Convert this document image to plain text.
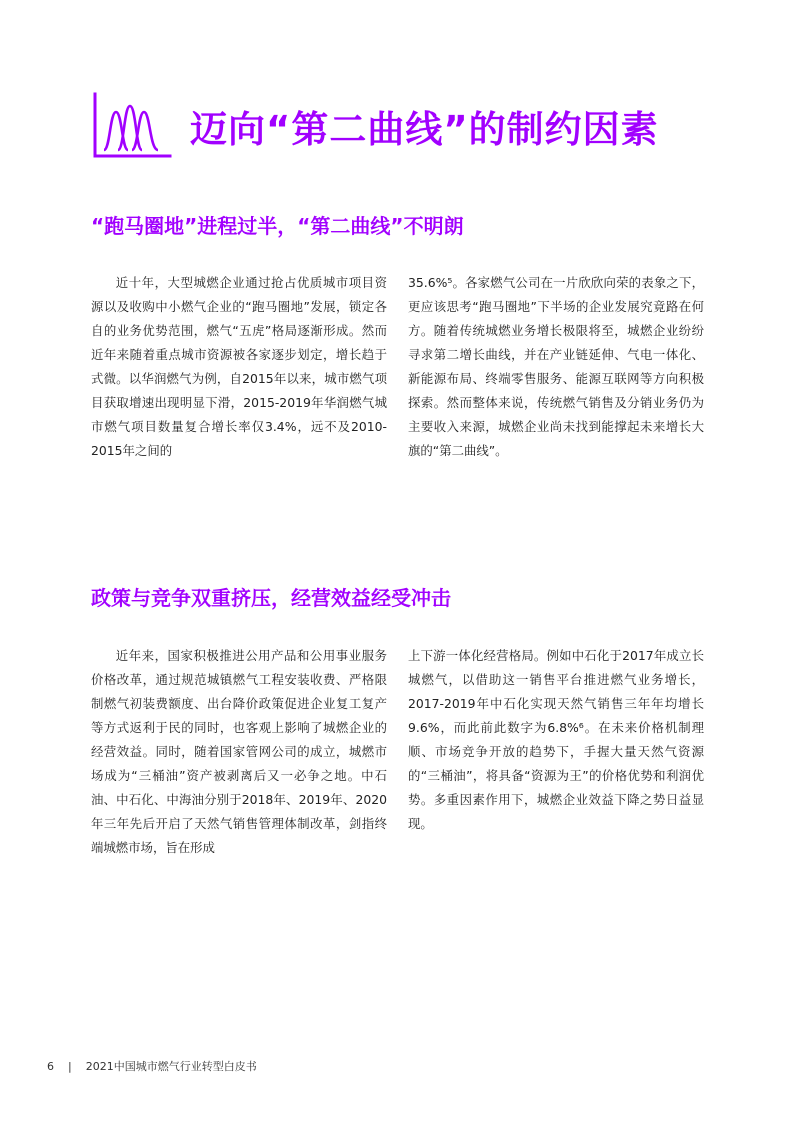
迈向“第二曲线”的制约因素
“跑马圈地”进程过半，“第二曲线”不明朗

近十年，大型城燃企业通过抢占优质城市项目资源以及收购中小燃气企业的“跑马圈地”发展，锁定各自的业务优势范围，燃气“五虎”格局逐渐形成。然而近年来随着重点城市资源被各家逐步划定，增长趋于式微。以华润燃气为例，自2015年以来，城市燃气项目获取增速出现明显下滑，2015-2019年华润燃气城市燃气项目数量复合增长率仅3.4%，远不及2010-2015年之间的

35.6%⁵。各家燃气公司在一片欣欣向荣的表象之下，更应该思考“跑马圈地”下半场的企业发展究竟路在何方。随着传统城燃业务增长极限将至，城燃企业纷纷寻求第二增长曲线，并在产业链延伸、气电一体化、新能源布局、终端零售服务、能源互联网等方向积极探索。然而整体来说，传统燃气销售及分销业务仍为主要收入来源，城燃企业尚未找到能撑起未来增长大旗的“第二曲线”。

政策与竞争双重挤压，经营效益经受冲击

近年来，国家积极推进公用产品和公用事业服务价格改革，通过规范城镇燃气工程安装收费、严格限制燃气初装费额度、出台降价政策促进企业复工复产等方式返利于民的同时，也客观上影响了城燃企业的经营效益。同时，随着国家管网公司的成立，城燃市场成为“三桶油”资产被剥离后又一必争之地。中石油、中石化、中海油分别于2018年、2019年、2020年三年先后开启了天然气销售管理体制改革，剑指终端城燃市场，旨在形成

上下游一体化经营格局。例如中石化于2017年成立长城燃气，以借助这一销售平台推进燃气业务增长，2017-2019年中石化实现天然气销售三年年均增长9.6%，而此前此数字为6.8%⁶。在未来价格机制理顺、市场竞争开放的趋势下，手握大量天然气资源的“三桶油”，将具备“资源为王”的价格优势和利润优势。多重因素作用下，城燃企业效益下降之势日益显现。

6 | 2021中国城市燃气行业转型白皮书
